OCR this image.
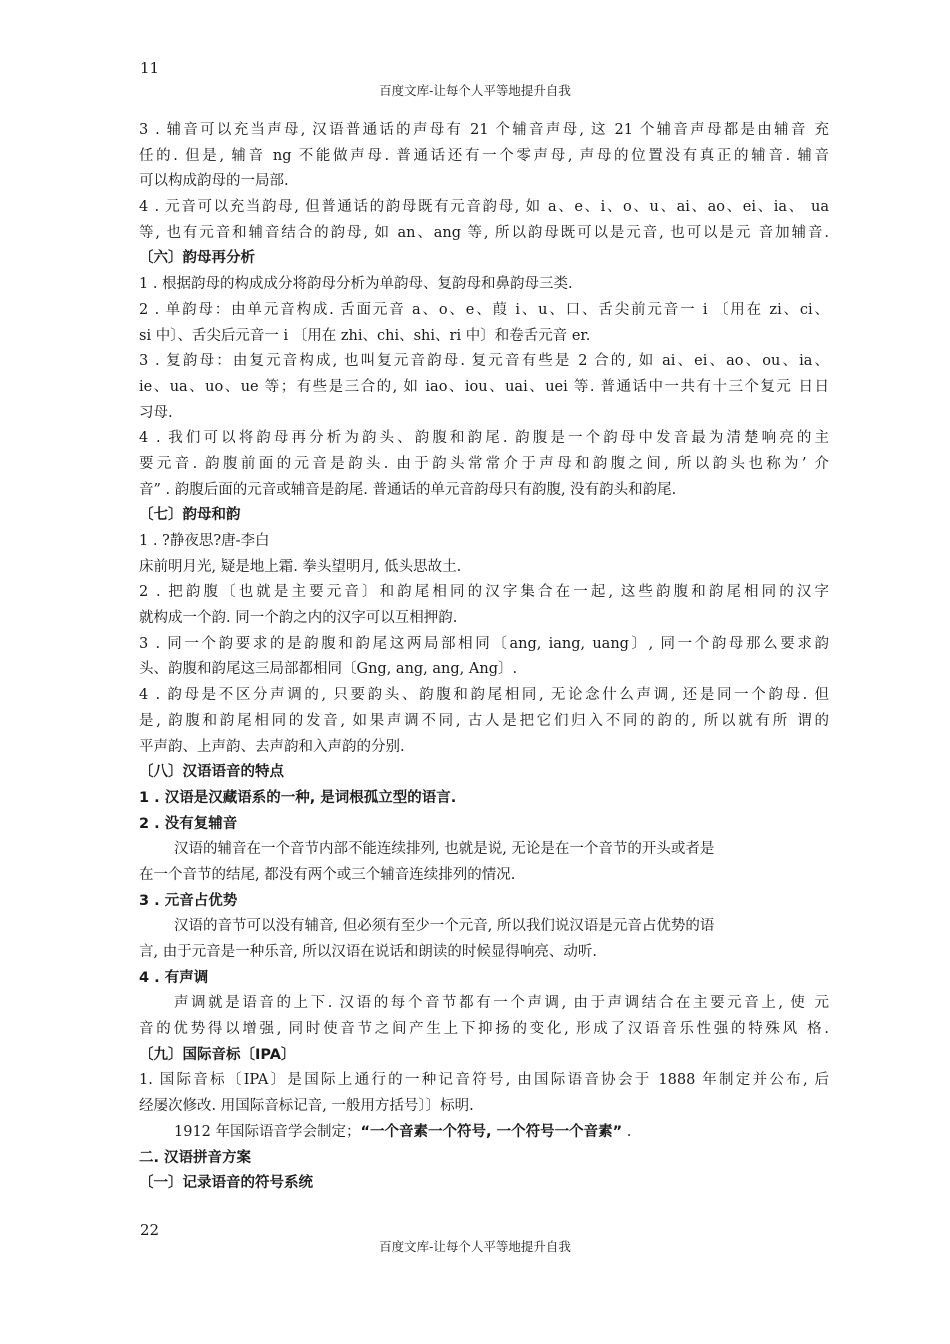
11
百度文库-让每个人平等地提升自我
3 . 辅音可以充当声母, 汉语普通话的声母有 21 个辅音声母, 这 21 个辅音声母都是由辅音 充
任的. 但是, 辅音 ng 不能做声母. 普通话还有一个零声母, 声母的位置没有真正的辅音. 辅音
可以构成韵母的一局部.
4 . 元音可以充当韵母, 但普通话的韵母既有元音韵母, 如 a、e、i、o、u、ai、ao、ei、ia、 ua
等, 也有元音和辅音结合的韵母, 如 an、ang 等, 所以韵母既可以是元音, 也可以是元 音加辅音.
〔六〕韵母再分析
1 . 根据韵母的构成成分将韵母分析为单韵母、复韵母和鼻韵母三类.
2 . 单韵母：由单元音构成. 舌面元音 a、o、e、葭 i、u、口、舌尖前元音一 i 〔用在 zi、ci、
si 中〕、舌尖后元音一 i 〔用在 zhi、chi、shi、ri 中〕和卷舌元音 er.
3 . 复韵母：由复元音构成, 也叫复元音韵母. 复元音有些是 2 合的, 如 ai、ei、ao、ou、ia、
ie、ua、uo、ue 等；有些是三合的, 如 iao、iou、uai、uei 等. 普通话中一共有十三个复元 日日
习母.
4 . 我们可以将韵母再分析为韵头、韵腹和韵尾. 韵腹是一个韵母中发音最为清楚响亮的主
要元音. 韵腹前面的元音是韵头. 由于韵头常常介于声母和韵腹之间, 所以韵头也称为’ 介
音” . 韵腹后面的元音或辅音是韵尾. 普通话的单元音韵母只有韵腹, 没有韵头和韵尾.
〔七〕韵母和韵
1 . ?静夜思?唐-李白
床前明月光, 疑是地上霜. 拳头望明月, 低头思故土.
2 . 把韵腹〔也就是主要元音〕和韵尾相同的汉字集合在一起, 这些韵腹和韵尾相同的汉字
就构成一个韵. 同一个韵之内的汉字可以互相押韵.
3 . 同一个韵要求的是韵腹和韵尾这两局部相同〔ang, iang, uang〕, 同一个韵母那么要求韵
头、韵腹和韵尾这三局部都相同〔Gng, ang, ang, Ang〕.
4 . 韵母是不区分声调的, 只要韵头、韵腹和韵尾相同, 无论念什么声调, 还是同一个韵母. 但
是, 韵腹和韵尾相同的发音, 如果声调不同, 古人是把它们归入不同的韵的, 所以就有所 谓的
平声韵、上声韵、去声韵和入声韵的分别.
〔八〕汉语语音的特点
1 . 汉语是汉藏语系的一种, 是词根孤立型的语言.
2 . 没有复辅音
汉语的辅音在一个音节内部不能连续排列, 也就是说, 无论是在一个音节的开头或者是
在一个音节的结尾, 都没有两个或三个辅音连续排列的情况.
3 . 元音占优势
汉语的音节可以没有辅音, 但必须有至少一个元音, 所以我们说汉语是元音占优势的语
言, 由于元音是一种乐音, 所以汉语在说话和朗读的时候显得响亮、动听.
4 . 有声调
声调就是语音的上下. 汉语的每个音节都有一个声调, 由于声调结合在主要元音上, 使 元
音的优势得以增强, 同时使音节之间产生上下抑扬的变化, 形成了汉语音乐性强的特殊风 格.
〔九〕国际音标〔IPA〕
1. 国际音标〔IPA〕是国际上通行的一种记音符号, 由国际语音协会于 1888 年制定并公布, 后
经屡次修改. 用国际音标记音, 一般用方括号〕〕标明.
1912 年国际语音学会制定；“一个音素一个符号, 一个符号一个音素” .
二. 汉语拼音方案
〔一〕记录语音的符号系统
22
百度文库-让每个人平等地提升自我
